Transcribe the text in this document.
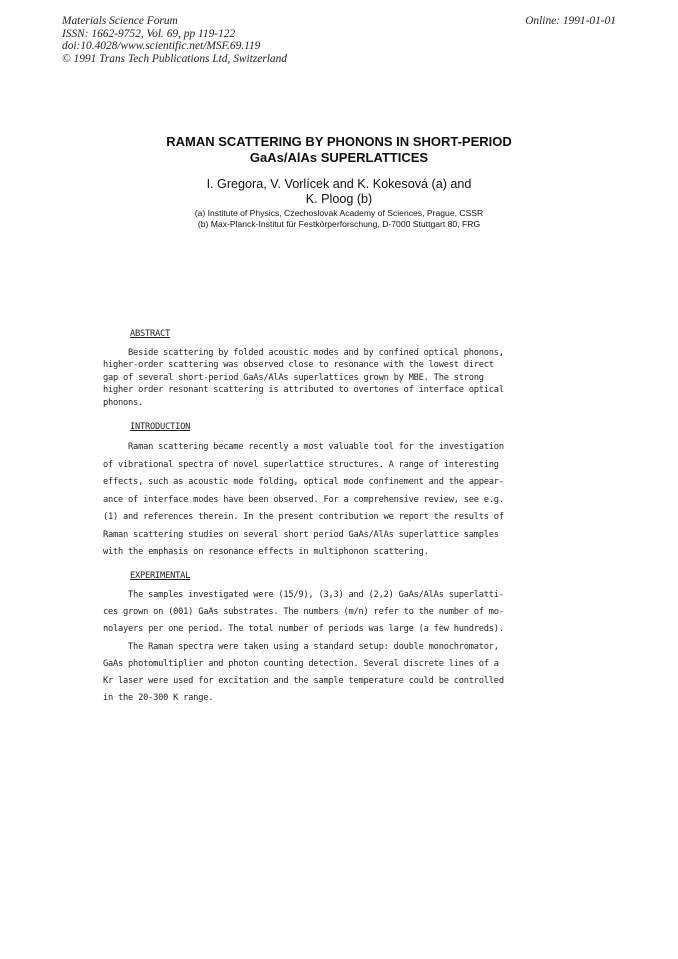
Materials Science Forum
ISSN: 1662-9752, Vol. 69, pp 119-122
doi:10.4028/www.scientific.net/MSF.69.119
© 1991 Trans Tech Publications Ltd, Switzerland
Online: 1991-01-01
RAMAN SCATTERING BY PHONONS IN SHORT-PERIOD
GaAs/AlAs SUPERLATTICES
I. Gregora, V. Vorlícek and K. Kokesová (a) and
K. Ploog (b)
(a) Institute of Physics, Czechoslovak Academy of Sciences, Prague, CSSR
(b) Max-Planck-Institut für Festkörperforschung, D-7000 Stuttgart 80, FRG
ABSTRACT
Beside scattering by folded acoustic modes and by confined optical phonons,
higher-order scattering was observed close to resonance with the lowest direct
gap of several short-period GaAs/AlAs superlattices grown by MBE. The strong
higher order resonant scattering is attributed to overtones of interface optical
phonons.
INTRODUCTION
Raman scattering became recently a most valuable tool for the investigation
of vibrational spectra of novel superlattice structures. A range of interesting
effects, such as acoustic mode folding, optical mode confinement and the appear-
ance of interface modes have been observed. For a comprehensive review, see e.g.
(1) and references therein. In the present contribution we report the results of
Raman scattering studies on several short period GaAs/AlAs superlattice samples
with the emphasis on resonance effects in multiphonon scattering.
EXPERIMENTAL
The samples investigated were (15/9), (3,3) and (2,2) GaAs/AlAs superlatti-
ces grown on (001) GaAs substrates. The numbers (m/n) refer to the number of mo-
nolayers per one period. The total number of periods was large (a few hundreds).
The Raman spectra were taken using a standard setup: double monochromator,
GaAs photomultiplier and photon counting detection. Several discrete lines of a
Kr laser were used for excitation and the sample temperature could be controlled
in the 20-300 K range.
